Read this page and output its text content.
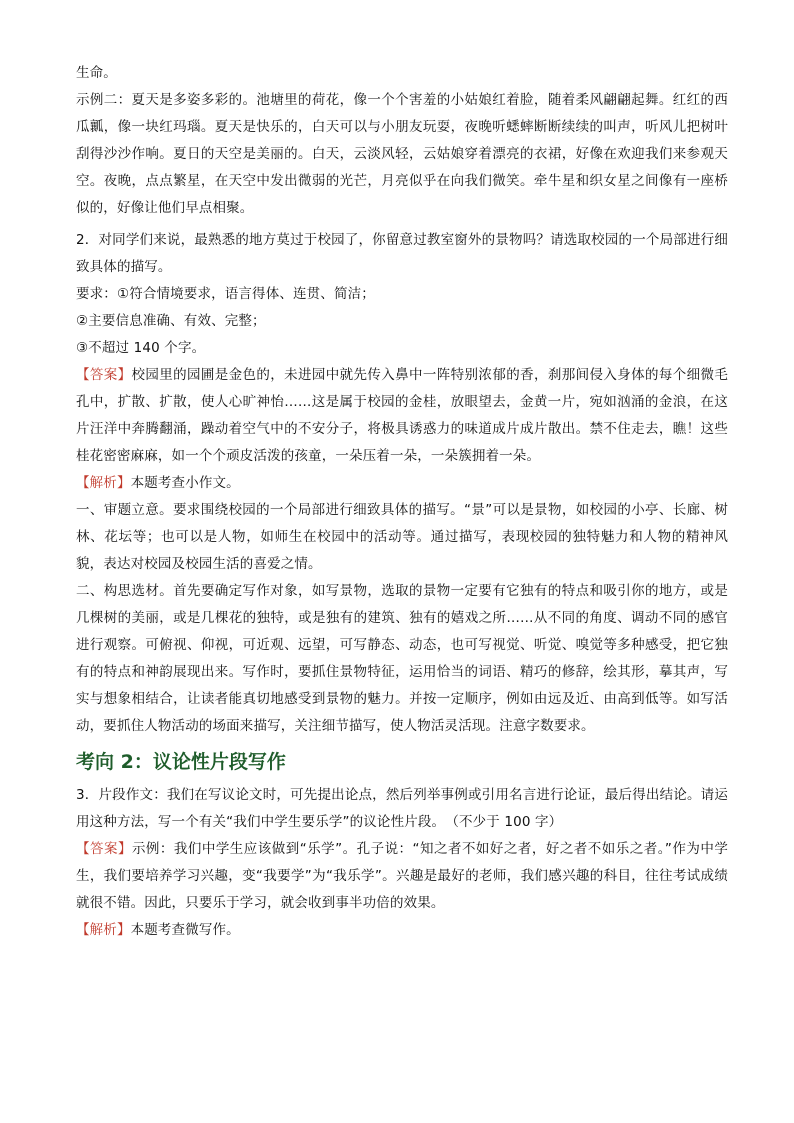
生命。

示例二：夏天是多姿多彩的。池塘里的荷花，像一个个害羞的小姑娘红着脸，随着柔风翩翩起舞。红红的西瓜瓤，像一块红玛瑙。夏天是快乐的，白天可以与小朋友玩耍，夜晚听蟋蟀断断续续的叫声，听风儿把树叶刮得沙沙作响。夏日的天空是美丽的。白天，云淡风轻，云姑娘穿着漂亮的衣裙，好像在欢迎我们来参观天空。夜晚，点点繁星，在天空中发出微弱的光芒，月亮似乎在向我们微笑。牵牛星和织女星之间像有一座桥似的，好像让他们早点相聚。

2．对同学们来说，最熟悉的地方莫过于校园了，你留意过教室窗外的景物吗？请选取校园的一个局部进行细致具体的描写。

要求：①符合情境要求，语言得体、连贯、简洁；

②主要信息准确、有效、完整；

③不超过 140 个字。

【答案】校园里的园圃是金色的，未进园中就先传入鼻中一阵特别浓郁的香，刹那间侵入身体的每个细微毛孔中，扩散、扩散，使人心旷神怡……这是属于校园的金桂，放眼望去，金黄一片，宛如汹涌的金浪，在这片汪洋中奔腾翻涌，躁动着空气中的不安分子，将极具诱惑力的味道成片成片散出。禁不住走去，瞧！这些桂花密密麻麻，如一个个顽皮活泼的孩童，一朵压着一朵，一朵簇拥着一朵。

【解析】本题考查小作文。

一、审题立意。要求围绕校园的一个局部进行细致具体的描写。“景”可以是景物，如校园的小亭、长廊、树林、花坛等；也可以是人物，如师生在校园中的活动等。通过描写，表现校园的独特魅力和人物的精神风貌，表达对校园及校园生活的喜爱之情。

二、构思选材。首先要确定写作对象，如写景物，选取的景物一定要有它独有的特点和吸引你的地方，或是几棵树的美丽，或是几棵花的独特，或是独有的建筑、独有的嬉戏之所……从不同的角度、调动不同的感官进行观察。可俯视、仰视，可近观、远望，可写静态、动态，也可写视觉、听觉、嗅觉等多种感受，把它独有的特点和神韵展现出来。写作时，要抓住景物特征，运用恰当的词语、精巧的修辞，绘其形，摹其声，写实与想象相结合，让读者能真切地感受到景物的魅力。并按一定顺序，例如由远及近、由高到低等。如写活动，要抓住人物活动的场面来描写，关注细节描写，使人物活灵活现。注意字数要求。

考向 2：议论性片段写作

3．片段作文：我们在写议论文时，可先提出论点，然后列举事例或引用名言进行论证，最后得出结论。请运用这种方法，写一个有关“我们中学生要乐学”的议论性片段。　（不少于 100 字）

【答案】示例：我们中学生应该做到“乐学”。孔子说：“知之者不如好之者，好之者不如乐之者。”作为中学生，我们要培养学习兴趣，变“我要学”为“我乐学”。兴趣是最好的老师，我们感兴趣的科目，往往考试成绩就很不错。因此，只要乐于学习，就会收到事半功倍的效果。

【解析】本题考查微写作。
